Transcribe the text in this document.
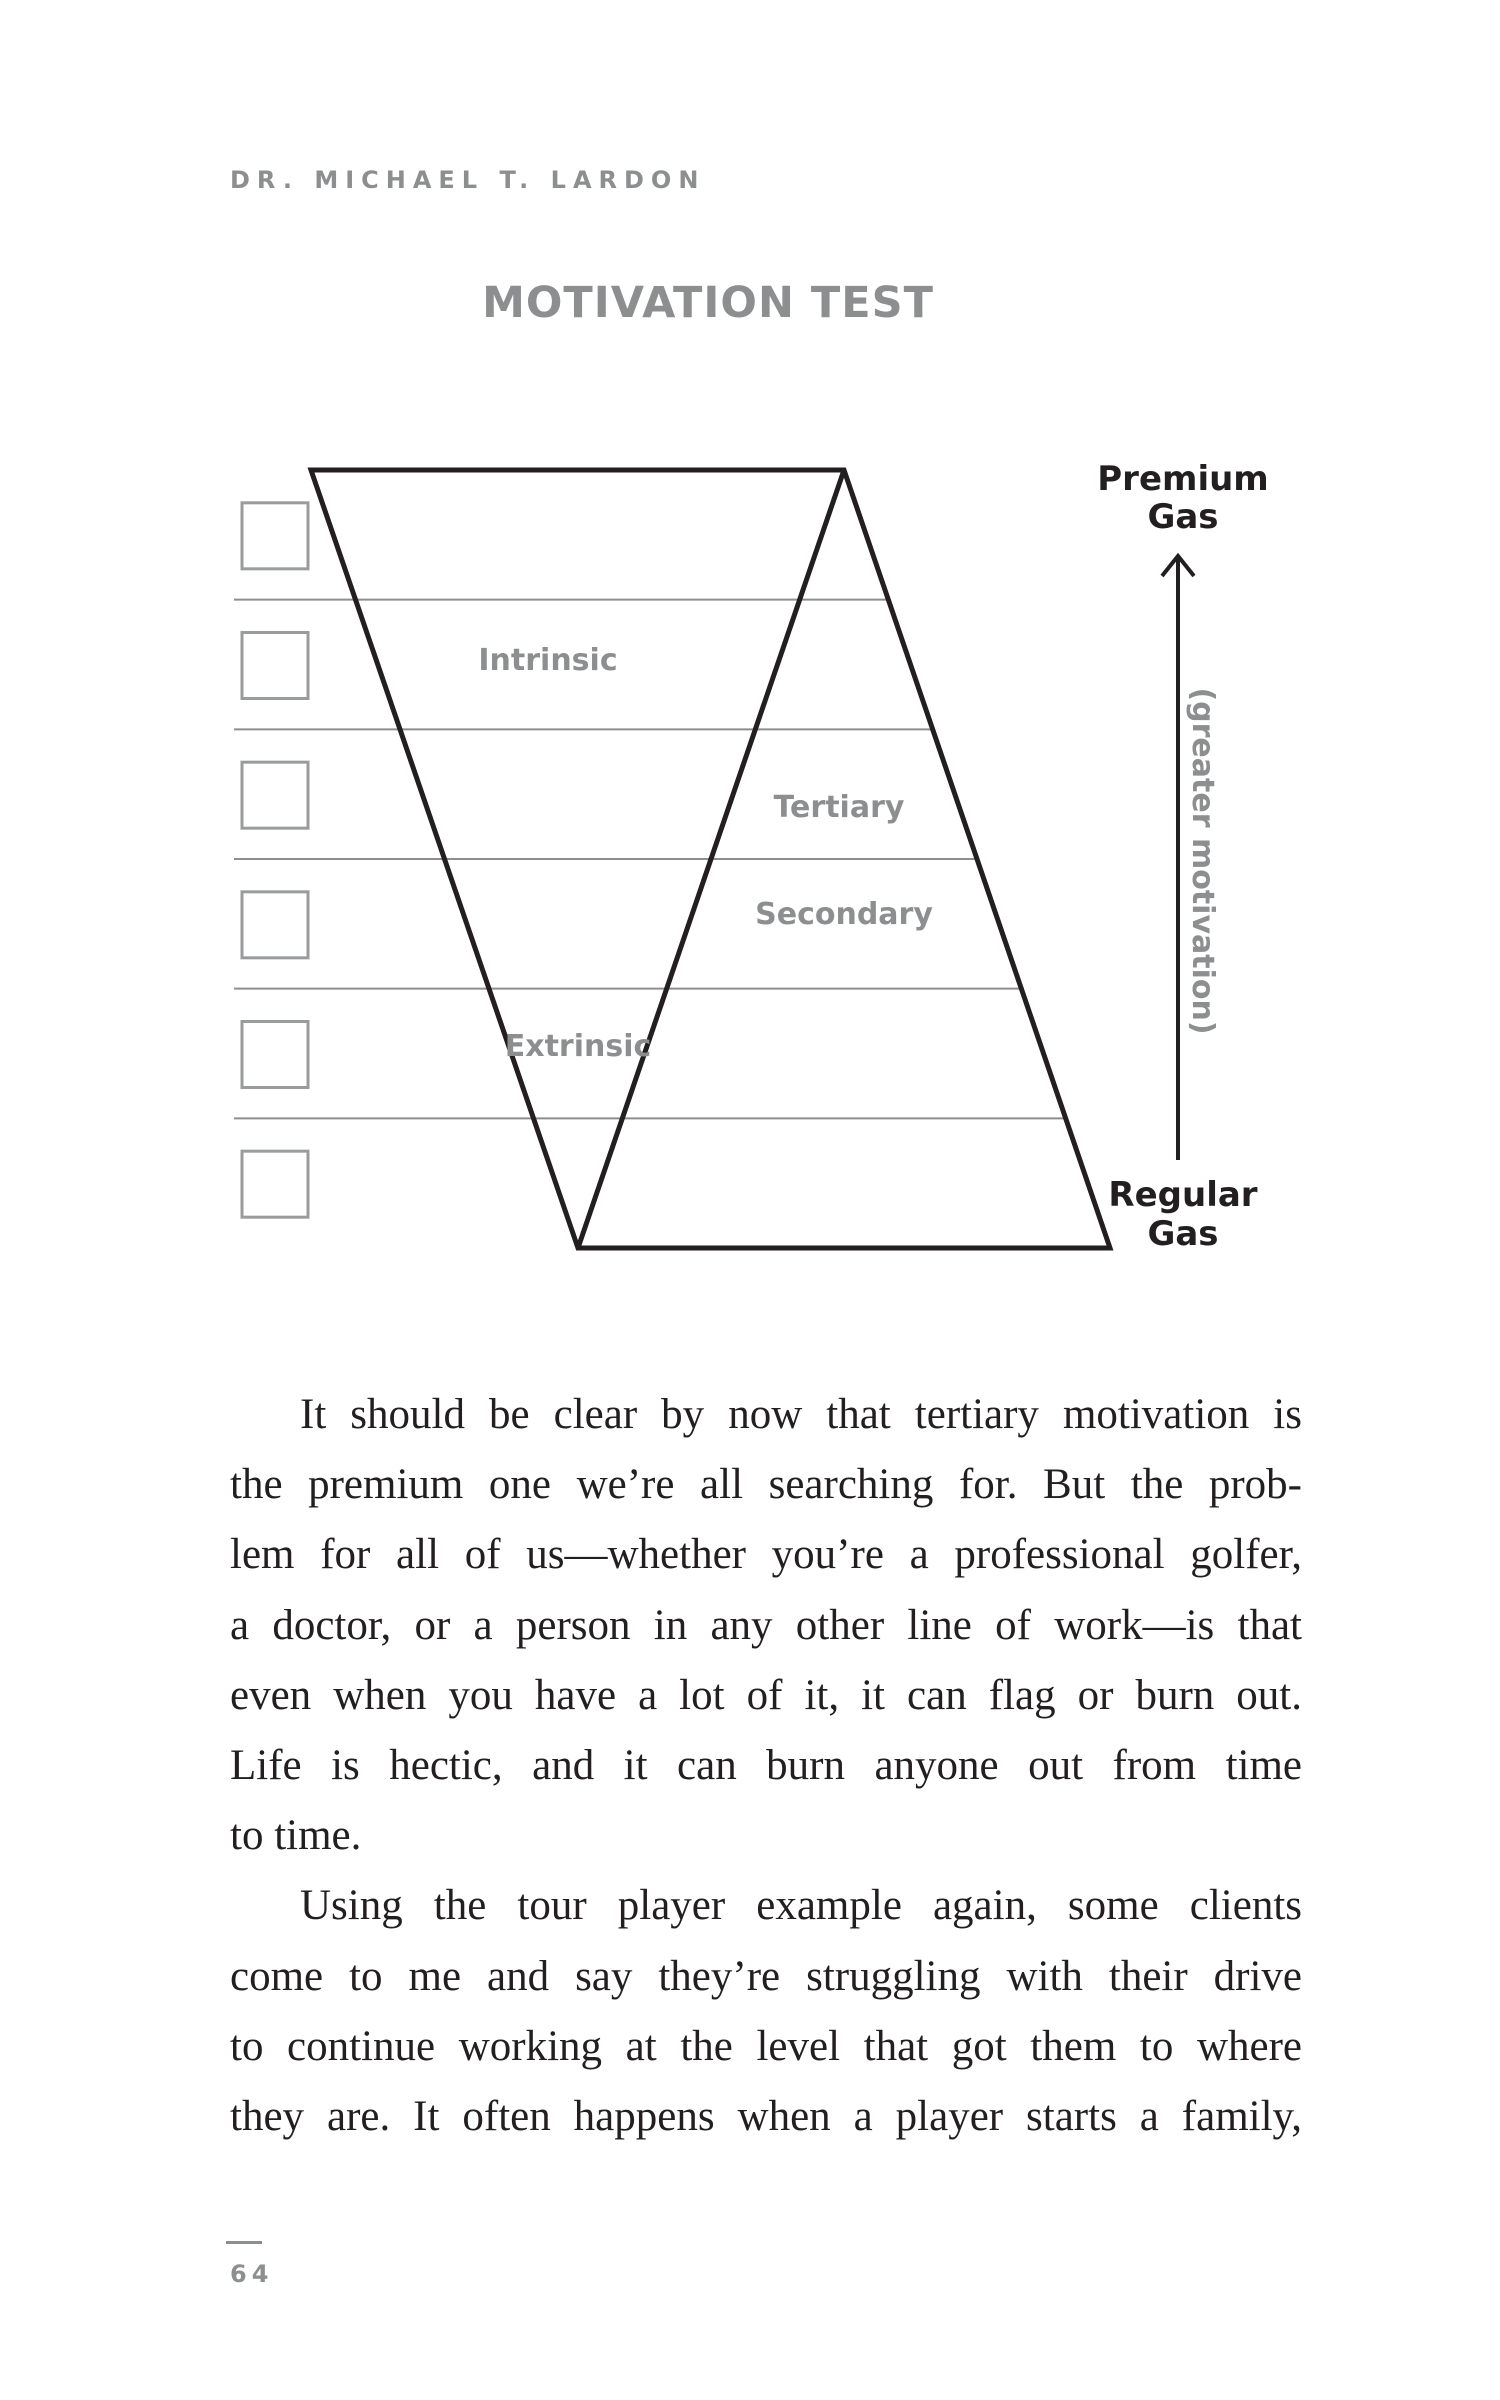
DR. MICHAEL T. LARDON
MOTIVATION TEST
Intrinsic
Tertiary
Secondary
Extrinsic
Premium
Gas
(greater motivation)
Regular
Gas
It should be clear by now that tertiary motivation is
the premium one we’re all searching for. But the prob-
lem for all of us—whether you’re a professional golfer,
a doctor, or a person in any other line of work—is that
even when you have a lot of it, it can flag or burn out.
Life is hectic, and it can burn anyone out from time
to time.
Using the tour player example again, some clients
come to me and say they’re struggling with their drive
to continue working at the level that got them to where
they are. It often happens when a player starts a family,
64
